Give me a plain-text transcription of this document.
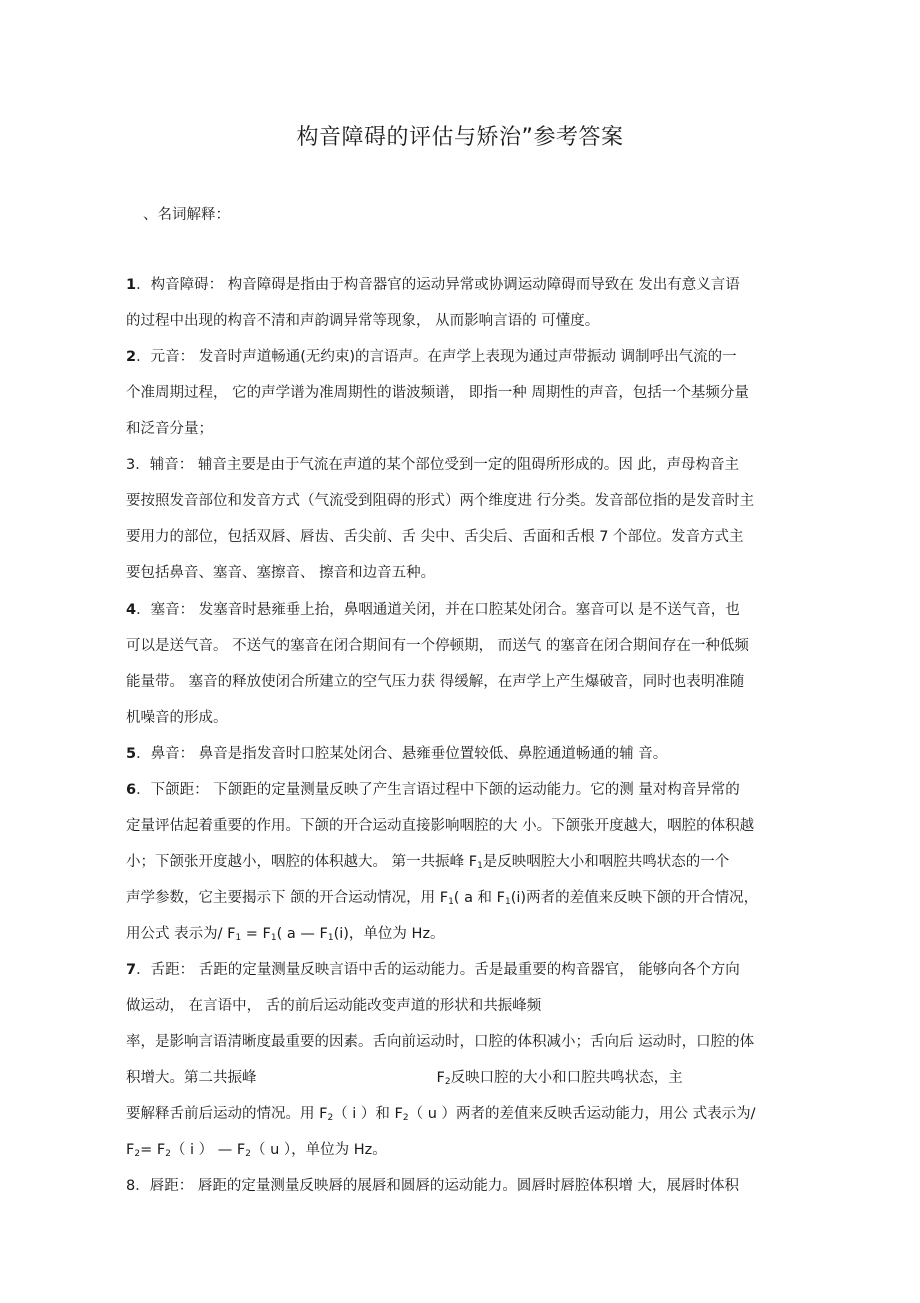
构音障碍的评估与矫治”参考答案

、名词解释：

1．构音障碍： 构音障碍是指由于构音器官的运动异常或协调运动障碍而导致在 发出有意义言语
的过程中出现的构音不清和声韵调异常等现象， 从而影响言语的 可懂度。
2．元音： 发音时声道畅通(无约束)的言语声。在声学上表现为通过声带振动 调制呼出气流的一
个准周期过程， 它的声学谱为准周期性的谐波频谱， 即指一种 周期性的声音，包括一个基频分量
和泛音分量；
3．辅音： 辅音主要是由于气流在声道的某个部位受到一定的阻碍所形成的。因 此，声母构音主
要按照发音部位和发音方式（气流受到阻碍的形式）两个维度进 行分类。发音部位指的是发音时主
要用力的部位，包括双唇、唇齿、舌尖前、舌 尖中、舌尖后、舌面和舌根 7 个部位。发音方式主
要包括鼻音、塞音、塞擦音、 擦音和边音五种。
4．塞音： 发塞音时悬雍垂上抬，鼻咽通道关闭，并在口腔某处闭合。塞音可以 是不送气音，也
可以是送气音。 不送气的塞音在闭合期间有一个停顿期， 而送气 的塞音在闭合期间存在一种低频
能量带。 塞音的释放使闭合所建立的空气压力获 得缓解，在声学上产生爆破音，同时也表明准随
机噪音的形成。
5．鼻音： 鼻音是指发音时口腔某处闭合、悬雍垂位置较低、鼻腔通道畅通的辅 音。
6．下颌距： 下颌距的定量测量反映了产生言语过程中下颌的运动能力。它的测 量对构音异常的
定量评估起着重要的作用。下颌的开合运动直接影响咽腔的大 小。下颌张开度越大，咽腔的体积越
小；下颌张开度越小，咽腔的体积越大。 第一共振峰 $F_1$是反映咽腔大小和咽腔共鸣状态的一个
声学参数，它主要揭示下 颌的开合运动情况，用 $F_1$( a 和 $F_1(i)$两者的差值来反映下颌的开合情况，
用公式 表示为/ $F_1 = F_1$( a — $F_1(i)$，单位为 Hz。
7．舌距： 舌距的定量测量反映言语中舌的运动能力。舌是最重要的构音器官， 能够向各个方向
做运动， 在言语中， 舌的前后运动能改变声道的形状和共振峰频
率，是影响言语清晰度最重要的因素。舌向前运动时，口腔的体积减小；舌向后 运动时，口腔的体
积增大。第二共振峰	$F_2$反映口腔的大小和口腔共鸣状态，主
要解释舌前后运动的情况。用 $F_2$（ i ）和 $F_2$（ u ）两者的差值来反映舌运动能力，用公 式表示为/
$F_2= F_2$（ i ） — $F_2$（ u ），单位为 Hz。
8．唇距： 唇距的定量测量反映唇的展唇和圆唇的运动能力。圆唇时唇腔体积增 大，展唇时体积
